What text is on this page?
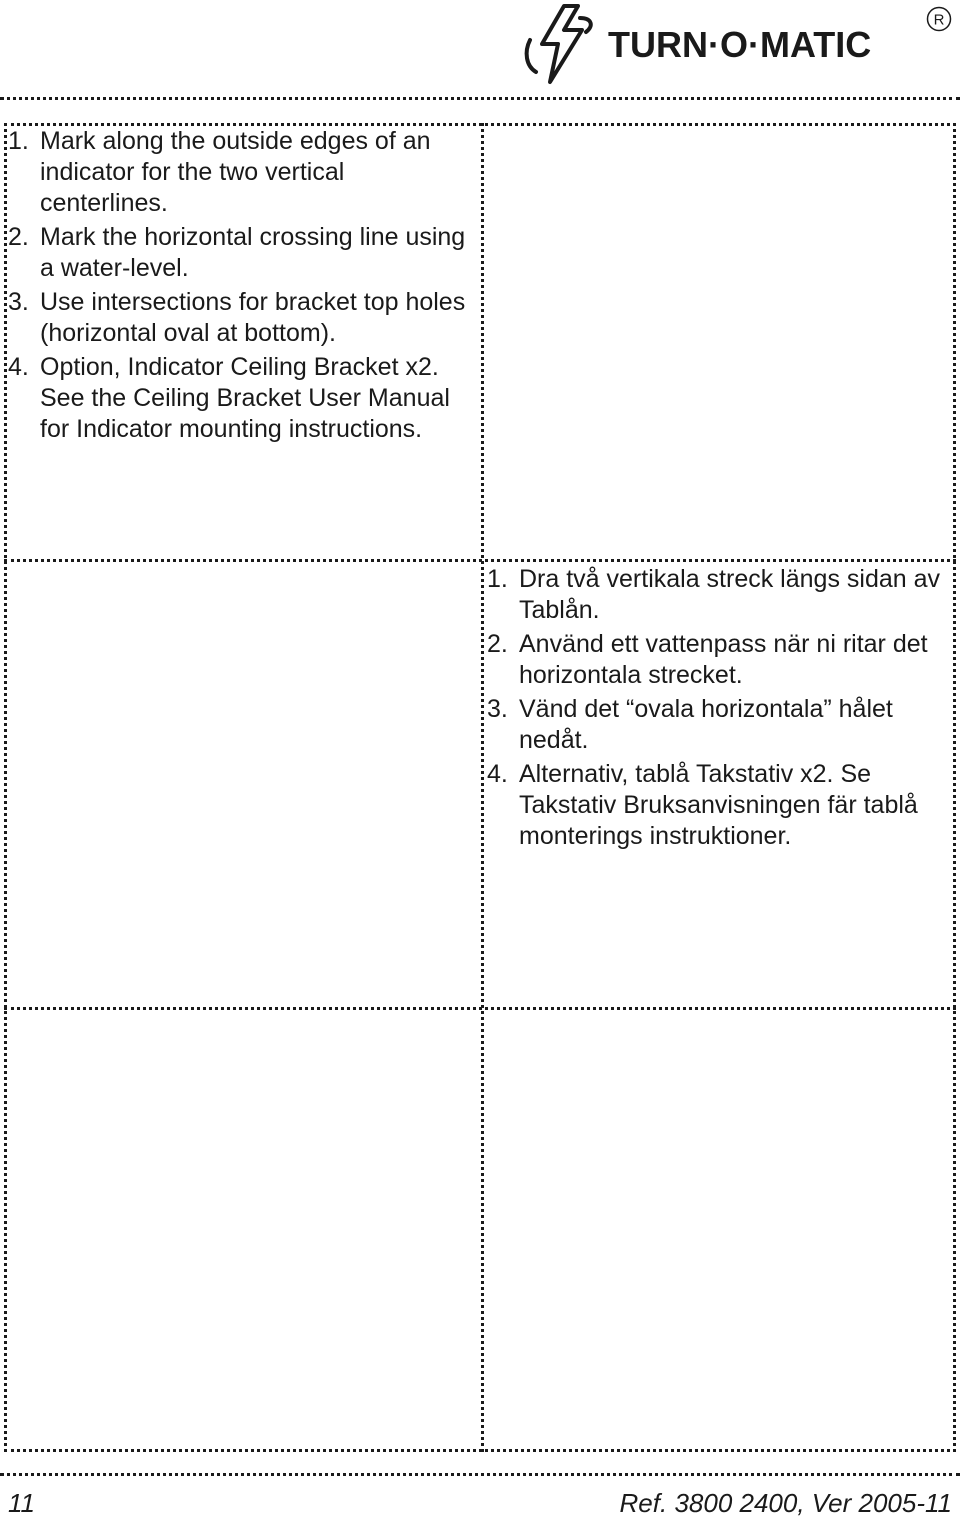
TURN·O·MATIC
R
1. Mark along the outside edges of an indicator for the two vertical centerlines.
2. Mark the horizontal crossing line using a water-level.
3. Use intersections for bracket top holes (horizontal oval at bottom).
4. Option, Indicator Ceiling Bracket x2. See the Ceiling Bracket User Manual for Indicator mounting instructions.
1. Dra två vertikala streck längs sidan av Tablån.
2. Använd ett vattenpass när ni ritar det horizontala strecket.
3. Vänd det “ovala horizontala” hålet nedåt.
4. Alternativ, tablå Takstativ x2. Se Takstativ Bruksanvisningen fär tablå monterings instruktioner.
11	Ref. 3800 2400, Ver 2005-11
